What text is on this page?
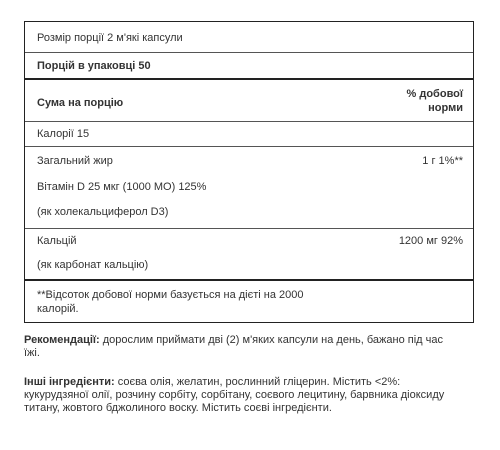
Розмір порції 2 м'які капсули
Порцій в упаковці 50
Сума на порцію
% добової
норми
Калорії 15
Загальний жир	1 г 1%**
Вітамін D 25 мкг (1000 МО) 125%
(як холекальциферол D3)
Кальцій	1200 мг 92%
(як карбонат кальцію)
**Відсоток добової норми базується на дієті на 2000
калорій.
Рекомендації: дорослим приймати дві (2) м'яких капсули на день, бажано під час
їжі.
Інші інгредієнти: соєва олія, желатин, рослинний гліцерин. Містить <2%:
кукурудзяної олії, розчину сорбіту, сорбітану, соєвого лецитину, барвника діоксиду
титану, жовтого бджолиного воску. Містить соєві інгредієнти.
